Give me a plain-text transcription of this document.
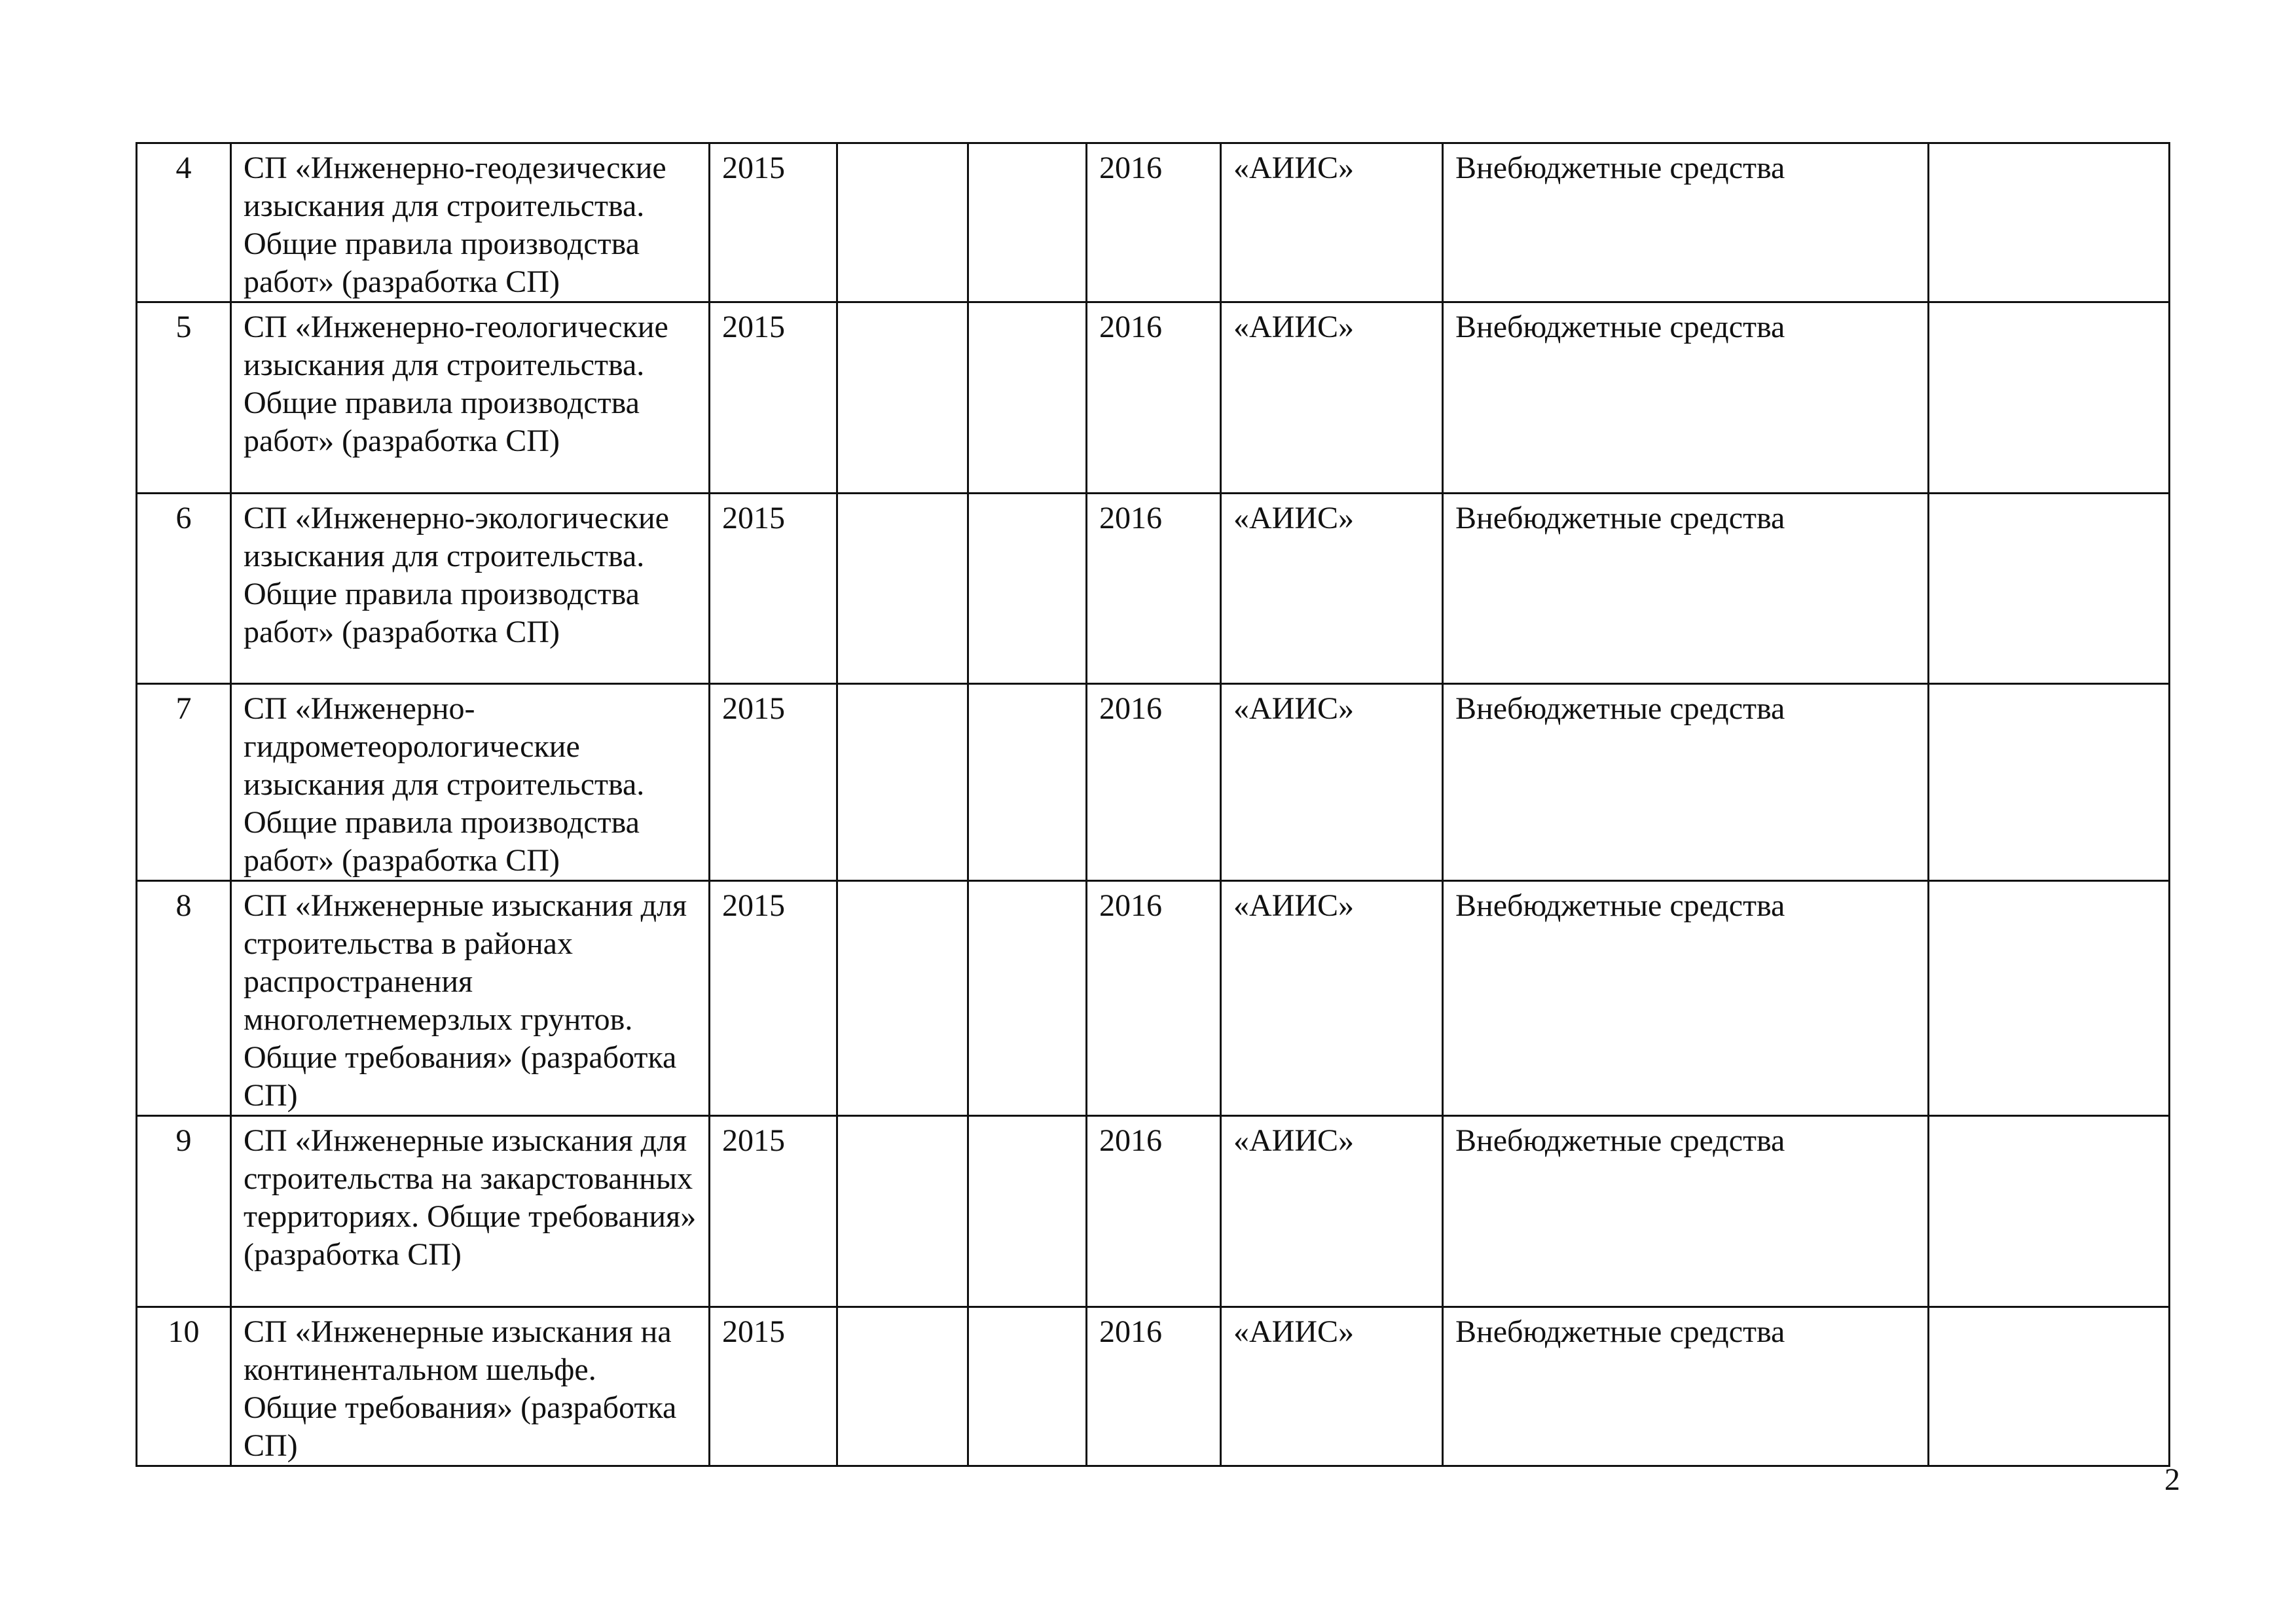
4	СП «Инженерно-геодезические изыскания для строительства. Общие правила производства работ» (разработка СП)	2015			2016	«АИИС»	Внебюджетные средства	
5	СП «Инженерно-геологические изыскания для строительства. Общие правила производства работ» (разработка СП)	2015			2016	«АИИС»	Внебюджетные средства	
6	СП «Инженерно-экологические изыскания для строительства. Общие правила производства работ» (разработка СП)	2015			2016	«АИИС»	Внебюджетные средства	
7	СП «Инженерно-гидрометеорологические изыскания для строительства. Общие правила производства работ» (разработка СП)	2015			2016	«АИИС»	Внебюджетные средства	
8	СП «Инженерные изыскания для строительства в районах распространения многолетнемерзлых грунтов. Общие требования» (разработка СП)	2015			2016	«АИИС»	Внебюджетные средства	
9	СП «Инженерные изыскания для строительства на закарстованных территориях. Общие требования» (разработка СП)	2015			2016	«АИИС»	Внебюджетные средства	
10	СП «Инженерные изыскания на континентальном шельфе. Общие требования» (разработка СП)	2015			2016	«АИИС»	Внебюджетные средства	
2
